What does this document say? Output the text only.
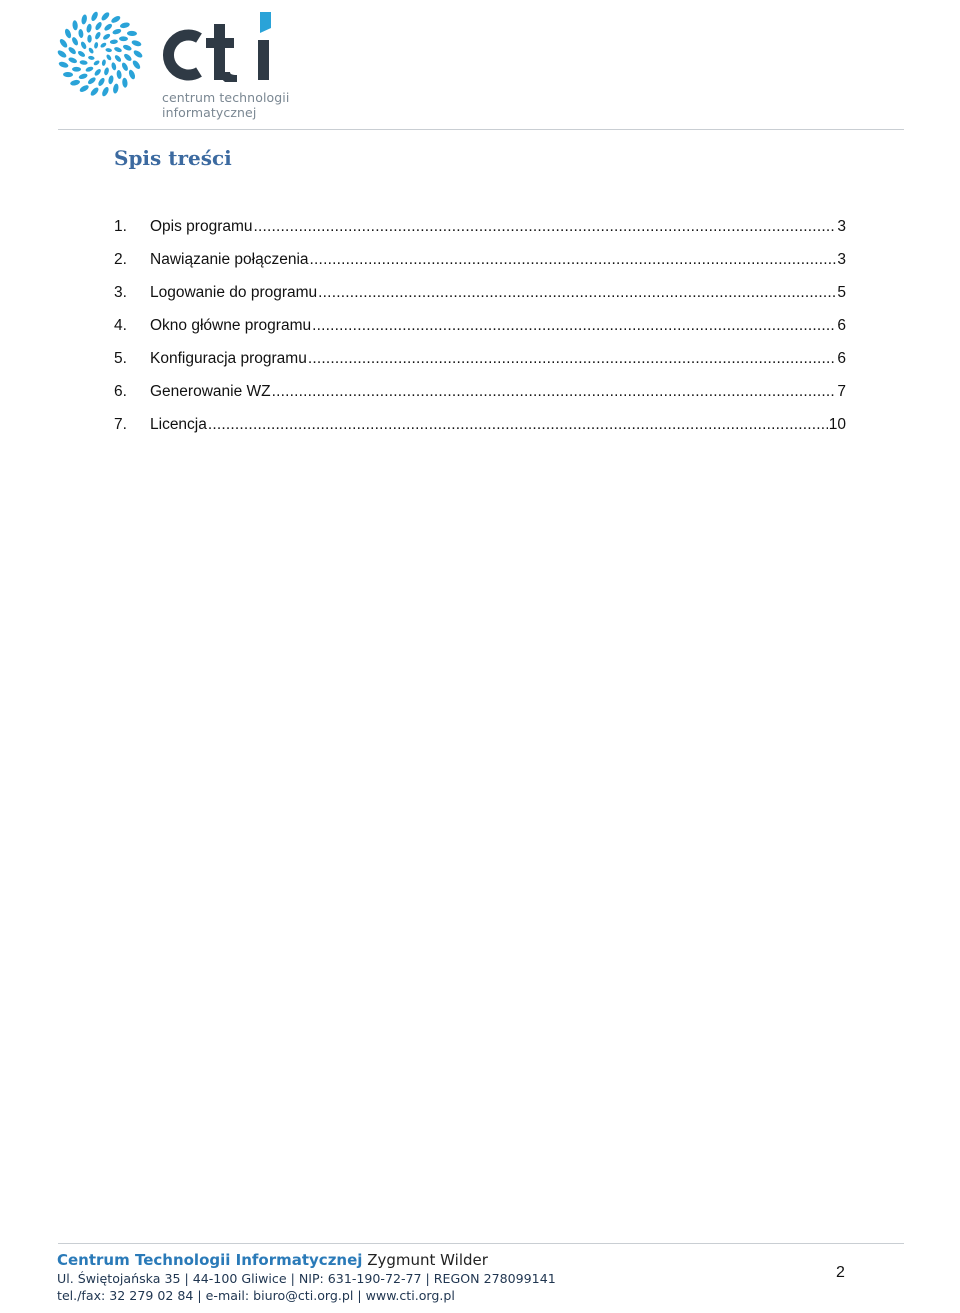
centrum technologii
informatycznej
Spis treści
1.	Opis programu .....	3
2.	Nawiązanie połączenia .....	3
3.	Logowanie do programu .....	5
4.	Okno główne programu .....	6
5.	Konfiguracja programu .....	6
6.	Generowanie WZ .....	7
7.	Licencja .....	10
Centrum Technologii Informatycznej Zygmunt Wilder
Ul. Świętojańska 35 | 44-100 Gliwice | NIP: 631-190-72-77 | REGON 278099141
tel./fax: 32 279 02 84 | e-mail: biuro@cti.org.pl | www.cti.org.pl
2
